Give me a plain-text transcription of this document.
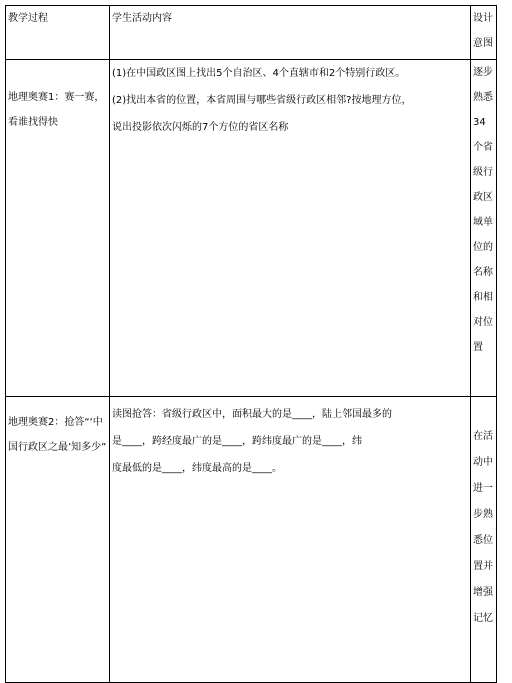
教学过程	学生活动内容	设计意图
地理奥赛1：赛一赛，看谁找得快	(1)在中国政区图上找出5个自治区、4个直辖市和2个特别行政区。
(2)找出本省的位置，本省周围与哪些省级行政区相邻?按地理方位，
说出投影依次闪烁的7个方位的省区名称	逐步熟悉34个省级行政区域单位的名称和相对位置
地理奥赛2：抢答“‘中国行政区之最’知多少”	读图抢答：省级行政区中，面积最大的是____，陆上邻国最多的
是____，跨经度最广的是____，跨纬度最广的是____，纬
度最低的是____，纬度最高的是____。	在活动中进一步熟悉位置并增强记忆
